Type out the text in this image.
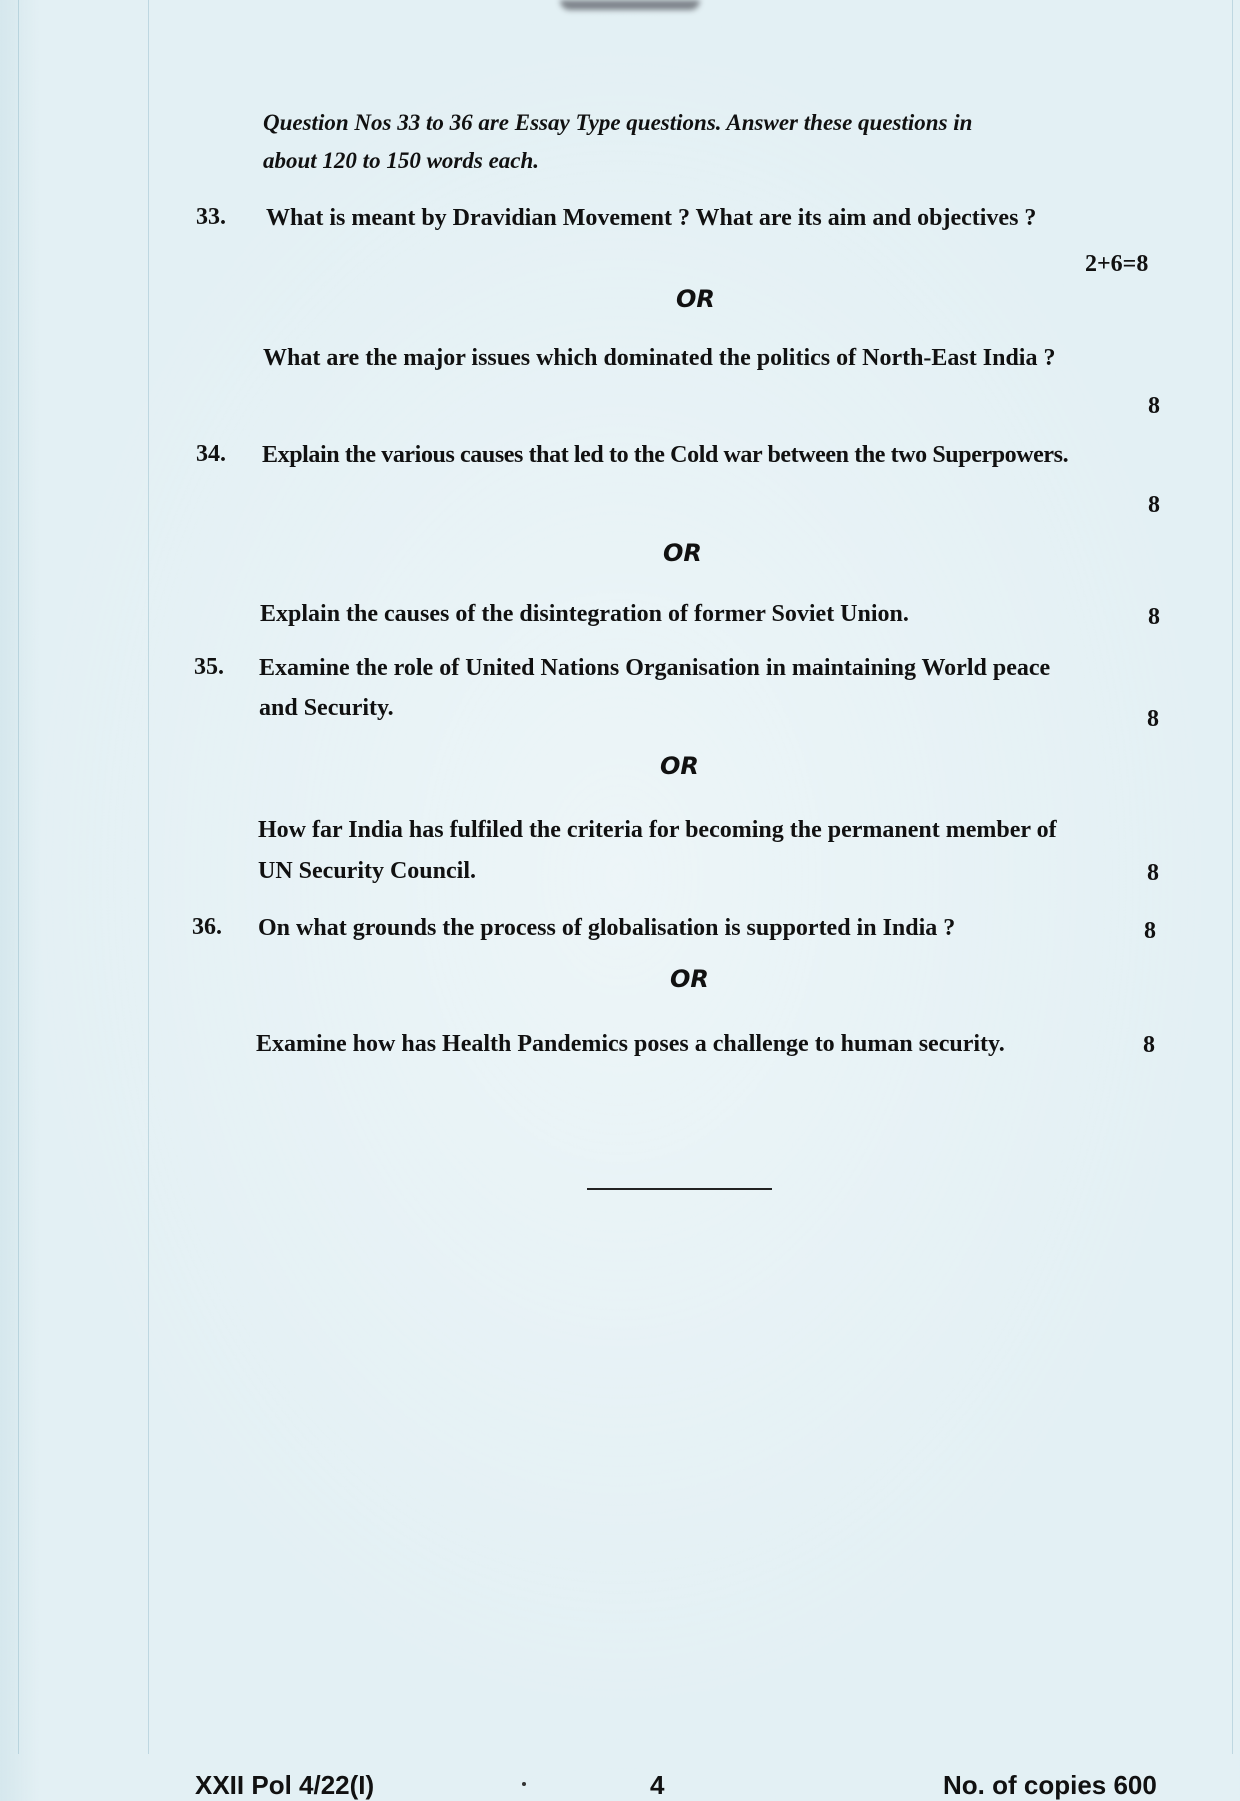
Question Nos 33 to 36 are Essay Type questions. Answer these questions in
about 120 to 150 words each.
33. What is meant by Dravidian Movement ? What are its aim and objectives ?
2+6=8
OR
What are the major issues which dominated the politics of North-East India ?
8
34. Explain the various causes that led to the Cold war between the two Superpowers.
8
OR
Explain the causes of the disintegration of former Soviet Union.	8
35. Examine the role of United Nations Organisation in maintaining World peace
and Security.	8
OR
How far India has fulfiled the criteria for becoming the permanent member of
UN Security Council.	8
36. On what grounds the process of globalisation is supported in India ?	8
OR
Examine how has Health Pandemics poses a challenge to human security.	8
XXII Pol 4/22(I)	4	No. of copies 600
